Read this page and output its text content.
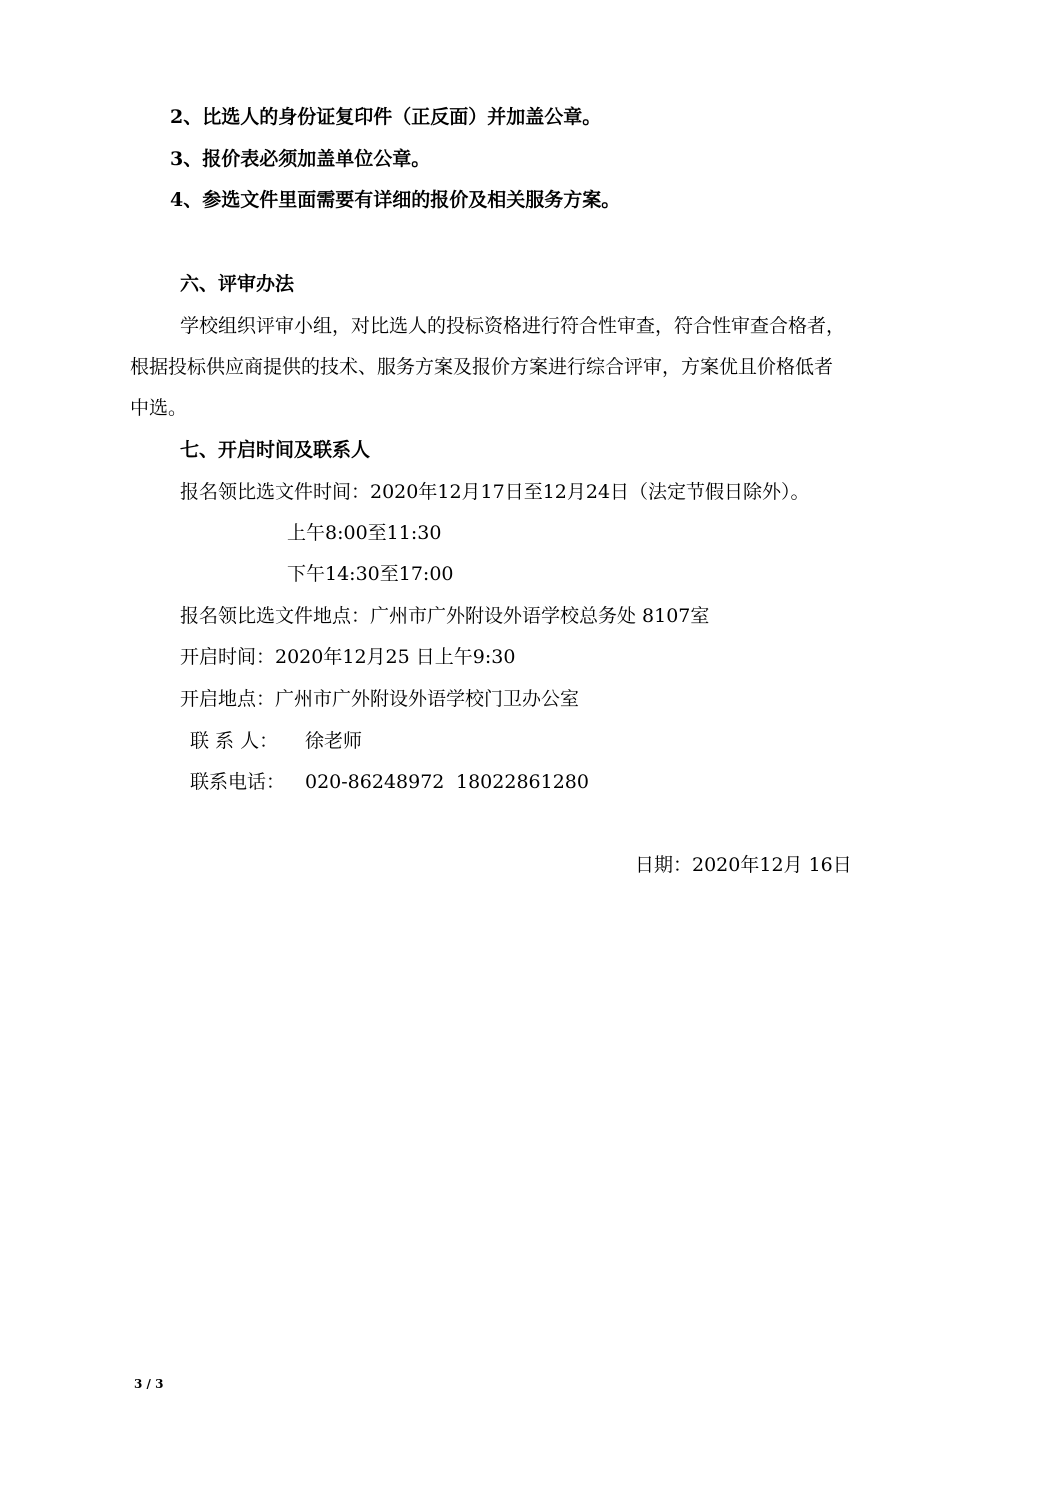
2、比选人的身份证复印件（正反面）并加盖公章。
3、报价表必须加盖单位公章。
4、参选文件里面需要有详细的报价及相关服务方案。
六、评审办法
学校组织评审小组，对比选人的投标资格进行符合性审查，符合性审查合格者，
根据投标供应商提供的技术、服务方案及报价方案进行综合评审，方案优且价格低者
中选。
七、开启时间及联系人
报名领比选文件时间：2020年12月17日至12月24日（法定节假日除外）。
上午8:00至11:30
下午14:30至17:00
报名领比选文件地点：广州市广外附设外语学校总务处 8107室
开启时间：2020年12月25 日上午9:30
开启地点：广州市广外附设外语学校门卫办公室
联 系 人： 徐老师
联系电话： 020-86248972 18022861280
日期：2020年12月 16日
3 / 3
